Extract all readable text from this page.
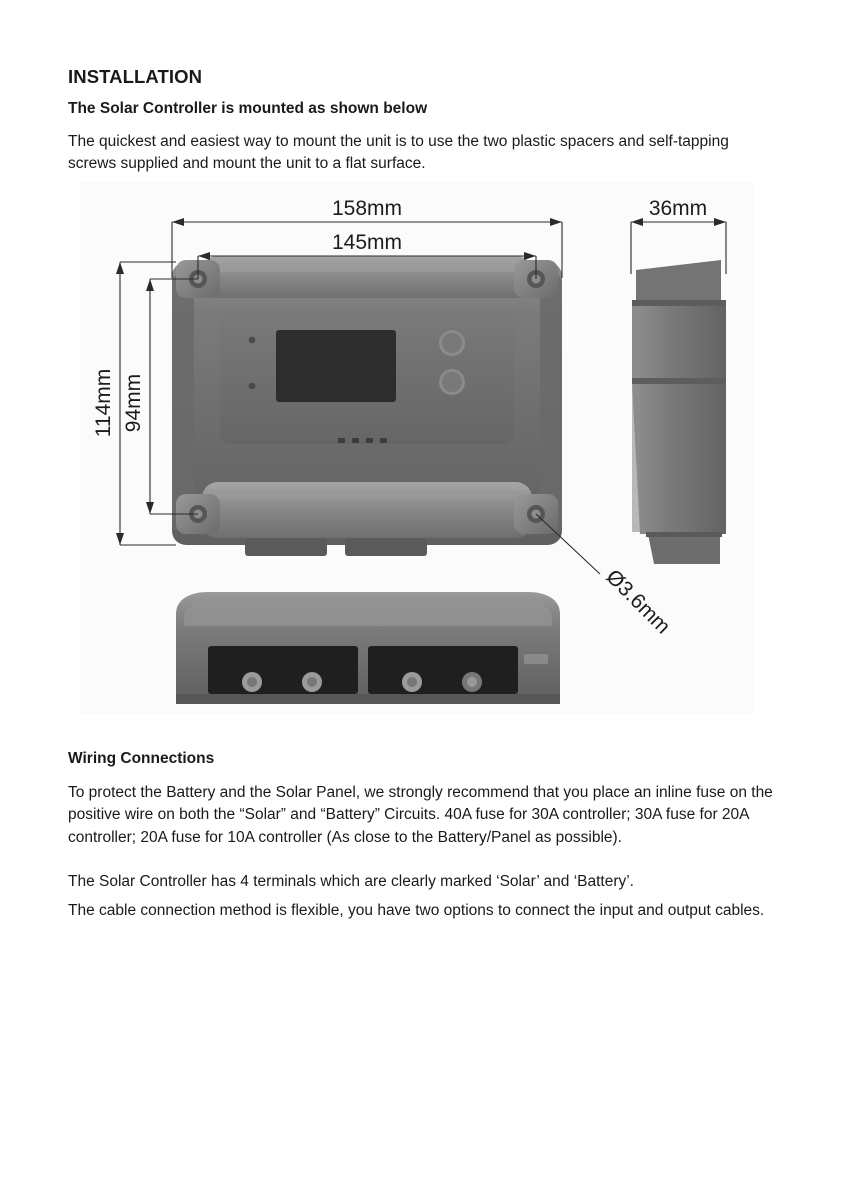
INSTALLATION
The Solar Controller is mounted as shown below

The quickest and easiest way to mount the unit is to use the two plastic spacers and self-tapping screws supplied and mount the unit to a flat surface.

158mm
145mm
114mm 94mm
Ø3.6mm
36mm
Wiring Connections

To protect the Battery and the Solar Panel, we strongly recommend that you place an inline fuse on the positive wire on both the “Solar” and “Battery” Circuits. 40A fuse for 30A controller; 30A fuse for 20A controller; 20A fuse for 10A controller (As close to the Battery/Panel as possible).

The Solar Controller has 4 terminals which are clearly marked ‘Solar’ and ‘Battery’.

The cable connection method is flexible, you have two options to connect the input and output cables.
